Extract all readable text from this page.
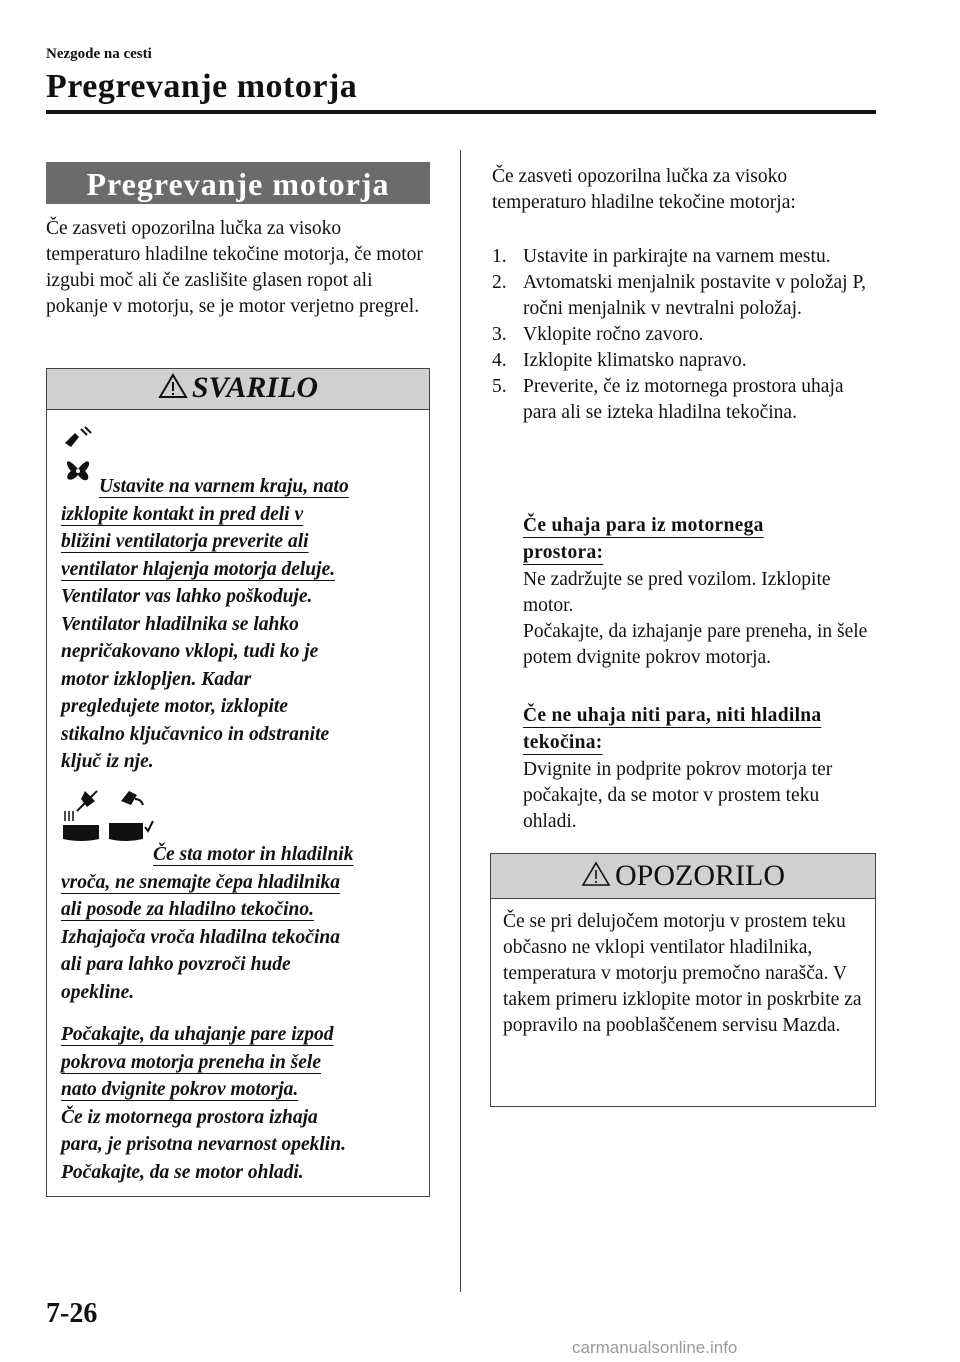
Nezgode na cesti
Pregrevanje motorja
Pregrevanje motorja
Če zasveti opozorilna lučka za visoko temperaturo hladilne tekočine motorja, če motor izgubi moč ali če zaslišite glasen ropot ali pokanje v motorju, se je motor verjetno pregrel.
SVARILO
Ustavite na varnem kraju, nato
izklopite kontakt in pred deli v
bližini ventilatorja preverite ali
ventilator hlajenja motorja deluje.
Ventilator vas lahko poškoduje.
Ventilator hladilnika se lahko
nepričakovano vklopi, tudi ko je
motor izklopljen. Kadar
pregledujete motor, izklopite
stikalno ključavnico in odstranite
ključ iz nje.
Če sta motor in hladilnik
vroča, ne snemajte čepa hladilnika
ali posode za hladilno tekočino.
Izhajajoča vroča hladilna tekočina
ali para lahko povzroči hude
opekline.
Počakajte, da uhajanje pare izpod
pokrova motorja preneha in šele
nato dvignite pokrov motorja.
Če iz motornega prostora izhaja
para, je prisotna nevarnost opeklin.
Počakajte, da se motor ohladi.
Če zasveti opozorilna lučka za visoko temperaturo hladilne tekočine motorja:
1. Ustavite in parkirajte na varnem mestu.
2. Avtomatski menjalnik postavite v položaj P, ročni menjalnik v nevtralni položaj.
3. Vklopite ročno zavoro.
4. Izklopite klimatsko napravo.
5. Preverite, če iz motornega prostora uhaja para ali se izteka hladilna tekočina.
Če uhaja para iz motornega
prostora:
Ne zadržujte se pred vozilom. Izklopite motor.
Počakajte, da izhajanje pare preneha, in šele potem dvignite pokrov motorja.
Če ne uhaja niti para, niti hladilna
tekočina:
Dvignite in podprite pokrov motorja ter počakajte, da se motor v prostem teku ohladi.
OPOZORILO
Če se pri delujočem motorju v prostem teku občasno ne vklopi ventilator hladilnika, temperatura v motorju premočno narašča. V takem primeru izklopite motor in poskrbite za popravilo na pooblaščenem servisu Mazda.
7-26
carmanualsonline.info
